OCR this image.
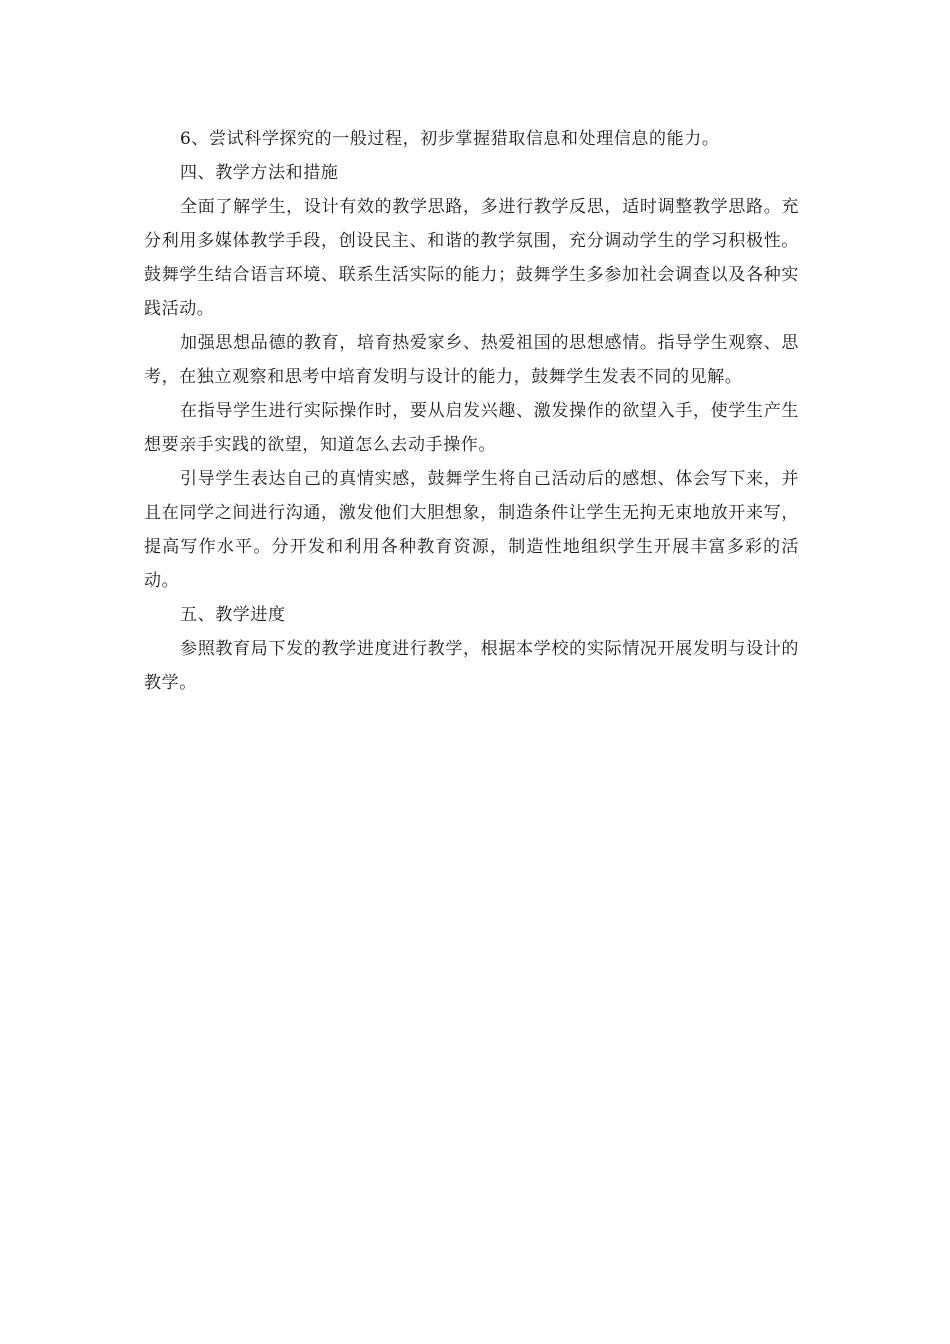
6、尝试科学探究的一般过程，初步掌握猎取信息和处理信息的能力。

四、教学方法和措施

全面了解学生，设计有效的教学思路，多进行教学反思，适时调整教学思路。充分利用多媒体教学手段，创设民主、和谐的教学氛围，充分调动学生的学习积极性。鼓舞学生结合语言环境、联系生活实际的能力；鼓舞学生多参加社会调查以及各种实践活动。

加强思想品德的教育，培育热爱家乡、热爱祖国的思想感情。指导学生观察、思考，在独立观察和思考中培育发明与设计的能力，鼓舞学生发表不同的见解。

在指导学生进行实际操作时，要从启发兴趣、激发操作的欲望入手，使学生产生想要亲手实践的欲望，知道怎么去动手操作。

引导学生表达自己的真情实感，鼓舞学生将自己活动后的感想、体会写下来，并且在同学之间进行沟通，激发他们大胆想象，制造条件让学生无拘无束地放开来写，提高写作水平。分开发和利用各种教育资源，制造性地组织学生开展丰富多彩的活动。

五、教学进度

参照教育局下发的教学进度进行教学，根据本学校的实际情况开展发明与设计的教学。
